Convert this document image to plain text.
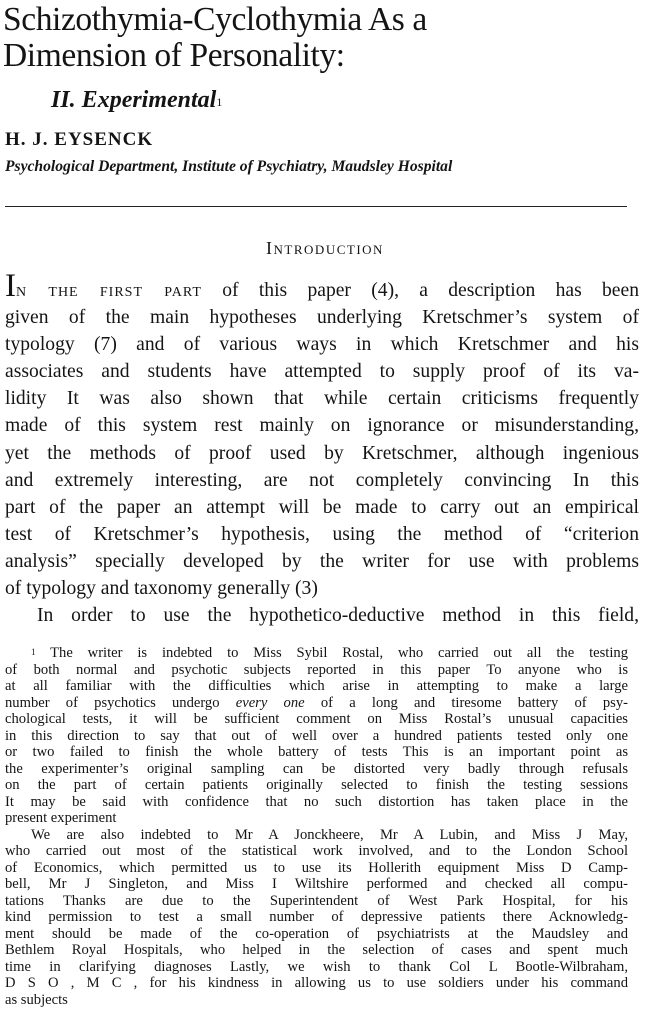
Schizothymia-Cyclothymia As a
Dimension of Personality:
II. Experimental$^1$
H. J. EYSENCK
Psychological Department, Institute of Psychiatry, Maudsley Hospital
Introduction
In the first part of this paper (4), a description has been
given of the main hypotheses underlying Kretschmer’s system of
typology (7) and of various ways in which Kretschmer and his
associates and students have attempted to supply proof of its va-
lidity It was also shown that while certain criticisms frequently
made of this system rest mainly on ignorance or misunderstanding,
yet the methods of proof used by Kretschmer, although ingenious
and extremely interesting, are not completely convincing In this
part of the paper an attempt will be made to carry out an empirical
test of Kretschmer’s hypothesis, using the method of “criterion
analysis” specially developed by the writer for use with problems
of typology and taxonomy generally (3)
In order to use the hypothetico-deductive method in this field,
$^1$ The writer is indebted to Miss Sybil Rostal, who carried out all the testing
of both normal and psychotic subjects reported in this paper To anyone who is
at all familiar with the difficulties which arise in attempting to make a large
number of psychotics undergo every one of a long and tiresome battery of psy-
chological tests, it will be sufficient comment on Miss Rostal’s unusual capacities
in this direction to say that out of well over a hundred patients tested only one
or two failed to finish the whole battery of tests This is an important point as
the experimenter’s original sampling can be distorted very badly through refusals
on the part of certain patients originally selected to finish the testing sessions
It may be said with confidence that no such distortion has taken place in the
present experiment
We are also indebted to Mr A Jonckheere, Mr A Lubin, and Miss J May,
who carried out most of the statistical work involved, and to the London School
of Economics, which permitted us to use its Hollerith equipment Miss D Camp-
bell, Mr J Singleton, and Miss I Wiltshire performed and checked all compu-
tations Thanks are due to the Superintendent of West Park Hospital, for his
kind permission to test a small number of depressive patients there Acknowledg-
ment should be made of the co-operation of psychiatrists at the Maudsley and
Bethlem Royal Hospitals, who helped in the selection of cases and spent much
time in clarifying diagnoses Lastly, we wish to thank Col L Bootle-Wilbraham,
D S O , M C , for his kindness in allowing us to use soldiers under his command
as subjects
